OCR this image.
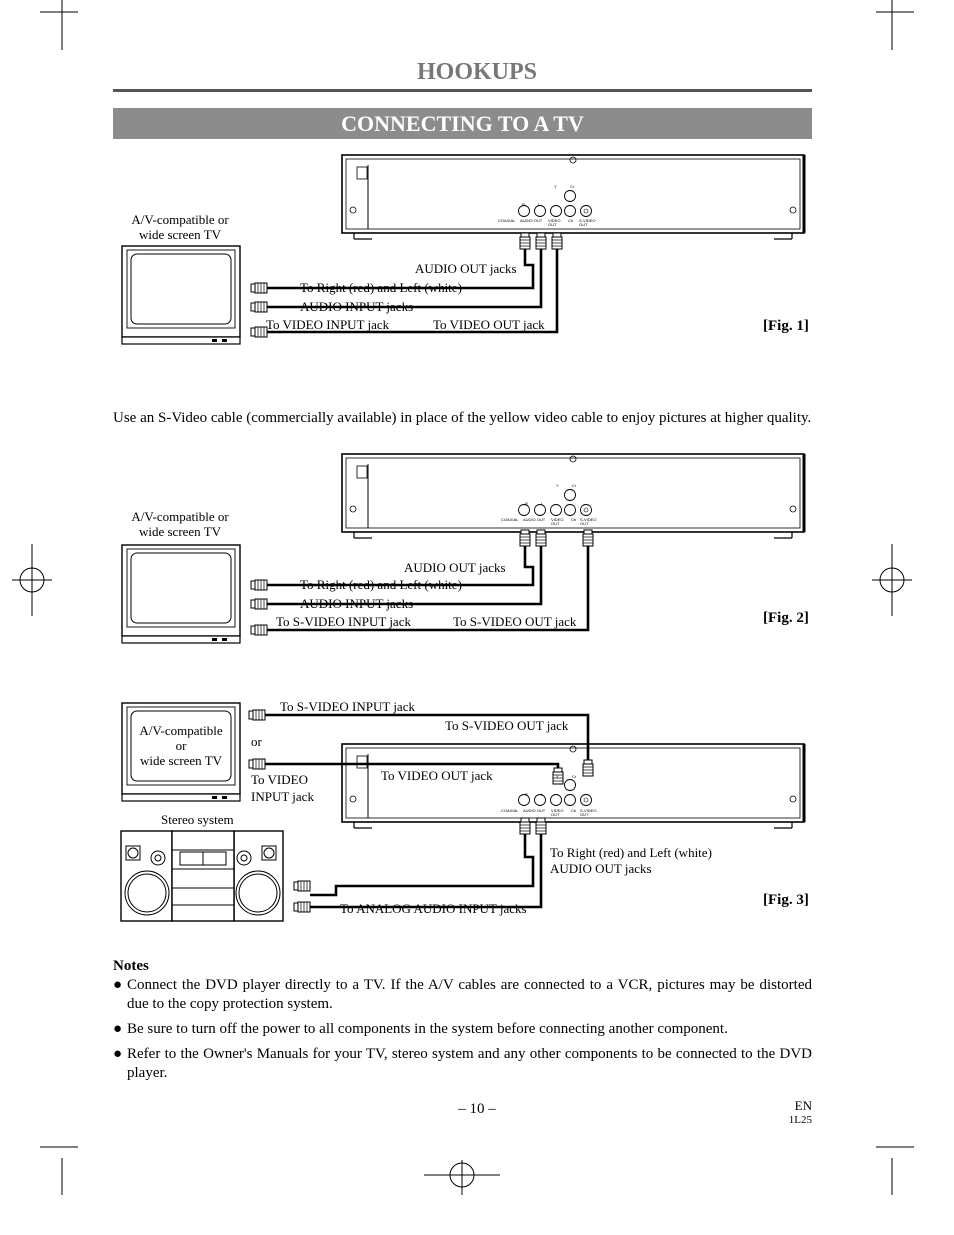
COAXIAL AUDIO OUT VIDEO
OUT
Cb S-VIDEO
OUT
Y	Cr
R	L
COAXIAL AUDIO OUT VIDEO
OUT
Cb S-VIDEO
OUT
Y	Cr
R	L
COAXIAL AUDIO OUT VIDEO
OUT
Cb S-VIDEO
OUT
Y	Cr
R	L
HOOKUPS
CONNECTING TO A TV
A/V-compatible or
wide screen TV
AUDIO OUT jacks
To Right (red) and Left (white)
AUDIO INPUT jacks
To VIDEO INPUT jack	To VIDEO OUT jack	[Fig. 1]
Use an S-Video cable (commercially available) in place of the yellow video cable to enjoy pictures at higher quality.
A/V-compatible or
wide screen TV
AUDIO OUT jacks
To Right (red) and Left (white)
AUDIO INPUT jacks
To S-VIDEO INPUT jack	To S-VIDEO OUT jack	[Fig. 2]
A/V-compatible
or
wide screen TV
To S-VIDEO INPUT jack
To S-VIDEO OUT jack
or
To VIDEO
INPUT jack
To VIDEO OUT jack
Stereo system
To Right (red) and Left (white)
AUDIO OUT jacks
To ANALOG AUDIO INPUT jacks
[Fig. 3]
Notes
● Connect the DVD player directly to a TV. If the A/V cables are connected to a VCR, pictures may be distorted due to the copy protection system.
● Be sure to turn off the power to all components in the system before connecting another component.
● Refer to the Owner's Manuals for your TV, stereo system and any other components to be connected to the DVD player.
– 10 –	EN
1L25
